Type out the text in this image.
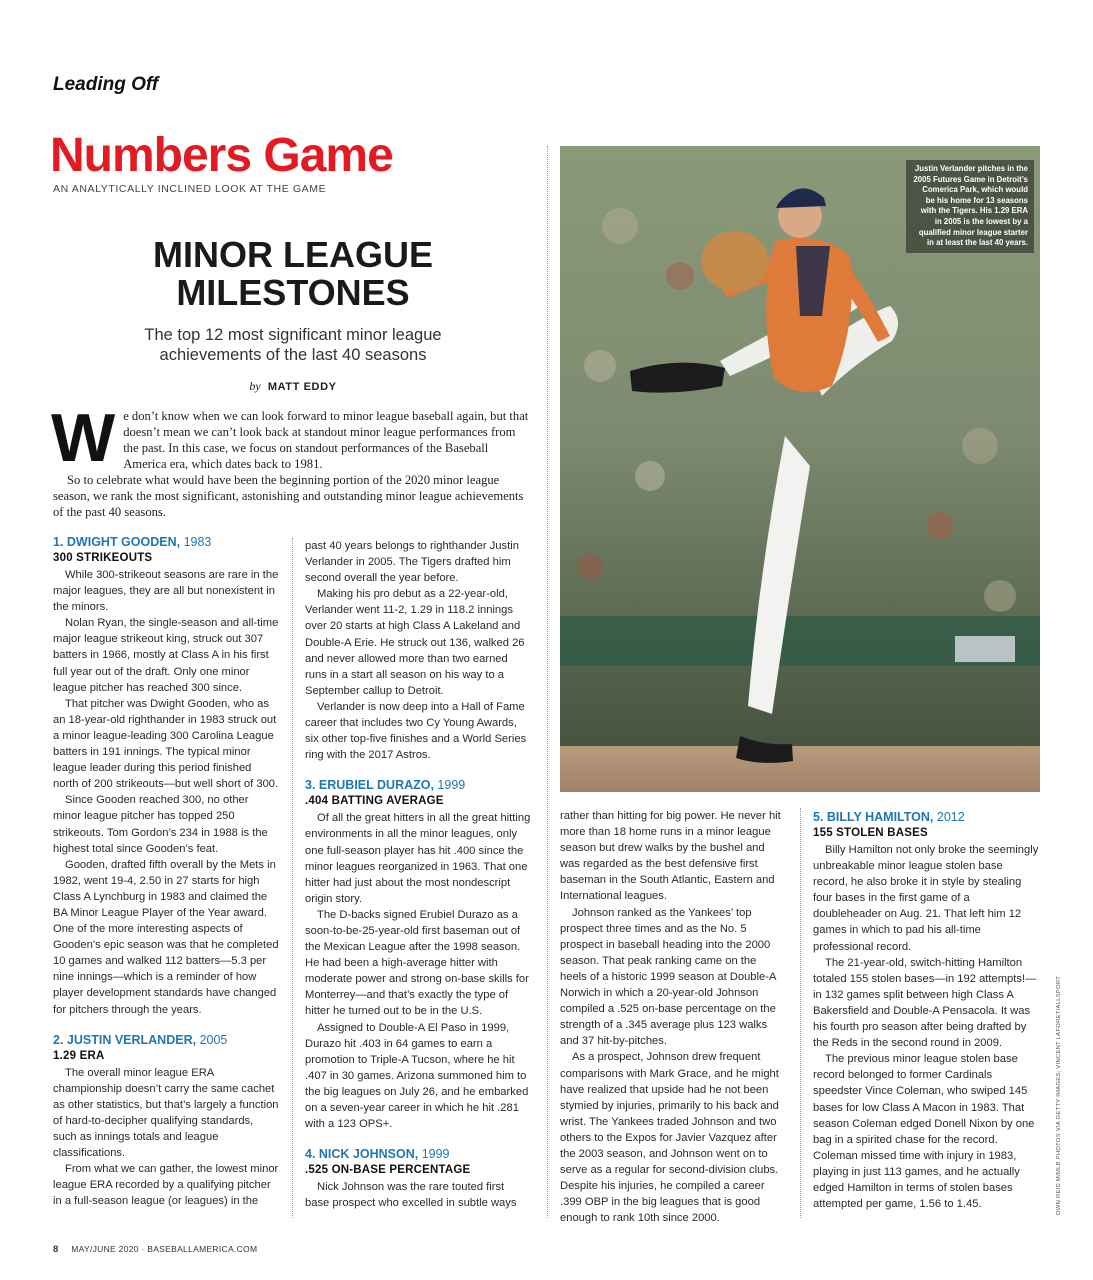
Leading Off
Numbers Game
AN ANALYTICALLY INCLINED LOOK AT THE GAME
MINOR LEAGUE
MILESTONES
The top 12 most significant minor league
achievements of the last 40 seasons
by MATT EDDY

W e don’t know when we can look forward to minor league baseball again, but that doesn’t mean we can’t look back at standout minor league performances from the past. In this case, we focus on standout performances of the Baseball America era, which dates back to 1981.

So to celebrate what would have been the beginning portion of the 2020 minor league season, we rank the most significant, astonishing and outstanding minor league achievements of the past 40 seasons.

1. DWIGHT GOODEN, 1983
300 STRIKEOUTS

While 300-strikeout seasons are rare in the major leagues, they are all but nonexistent in the minors.

Nolan Ryan, the single-season and all-time major league strikeout king, struck out 307 batters in 1966, mostly at Class A in his first full year out of the draft. Only one minor league pitcher has reached 300 since.

That pitcher was Dwight Gooden, who as an 18-year-old righthander in 1983 struck out a minor league-leading 300 Carolina League batters in 191 innings. The typical minor league leader during this period finished north of 200 strikeouts—but well short of 300.

Since Gooden reached 300, no other minor league pitcher has topped 250 strikeouts. Tom Gordon’s 234 in 1988 is the highest total since Gooden’s feat.

Gooden, drafted fifth overall by the Mets in 1982, went 19-4, 2.50 in 27 starts for high Class A Lynchburg in 1983 and claimed the BA Minor League Player of the Year award. One of the more interesting aspects of Gooden’s epic season was that he completed 10 games and walked 112 batters—5.3 per nine innings—which is a reminder of how player development standards have changed for pitchers through the years.

2. JUSTIN VERLANDER, 2005
1.29 ERA

The overall minor league ERA championship doesn’t carry the same cachet as other statistics, but that’s largely a function of hard-to-decipher qualifying standards, such as innings totals and league classifications.

From what we can gather, the lowest minor league ERA recorded by a qualifying pitcher in a full-season league (or leagues) in the

past 40 years belongs to righthander Justin Verlander in 2005. The Tigers drafted him second overall the year before.

Making his pro debut as a 22-year-old, Verlander went 11-2, 1.29 in 118.2 innings over 20 starts at high Class A Lakeland and Double-A Erie. He struck out 136, walked 26 and never allowed more than two earned runs in a start all season on his way to a September callup to Detroit.

Verlander is now deep into a Hall of Fame career that includes two Cy Young Awards, six other top-five finishes and a World Series ring with the 2017 Astros.

3. ERUBIEL DURAZO, 1999
.404 BATTING AVERAGE

Of all the great hitters in all the great hitting environments in all the minor leagues, only one full-season player has hit .400 since the minor leagues reorganized in 1963. That one hitter had just about the most nondescript origin story.

The D-backs signed Erubiel Durazo as a soon-to-be-25-year-old first baseman out of the Mexican League after the 1998 season. He had been a high-average hitter with moderate power and strong on-base skills for Monterrey—and that’s exactly the type of hitter he turned out to be in the U.S.

Assigned to Double-A El Paso in 1999, Durazo hit .403 in 64 games to earn a promotion to Triple-A Tucson, where he hit .407 in 30 games. Arizona summoned him to the big leagues on July 26, and he embarked on a seven-year career in which he hit .281 with a 123 OPS+.

4. NICK JOHNSON, 1999
.525 ON-BASE PERCENTAGE

Nick Johnson was the rare touted first base prospect who excelled in subtle ways

Justin Verlander pitches in the 2005 Futures Game in Detroit’s Comerica Park, which would be his home for 13 seasons with the Tigers. His 1.29 ERA in 2005 is the lowest by a qualified minor league starter in at least the last 40 years.

rather than hitting for big power. He never hit more than 18 home runs in a minor league season but drew walks by the bushel and was regarded as the best defensive first baseman in the South Atlantic, Eastern and International leagues.

Johnson ranked as the Yankees’ top prospect three times and as the No. 5 prospect in baseball heading into the 2000 season. That peak ranking came on the heels of a historic 1999 season at Double-A Norwich in which a 20-year-old Johnson compiled a .525 on-base percentage on the strength of a .345 average plus 123 walks and 37 hit-by-pitches.

As a prospect, Johnson drew frequent comparisons with Mark Grace, and he might have realized that upside had he not been stymied by injuries, primarily to his back and wrist. The Yankees traded Johnson and two others to the Expos for Javier Vazquez after the 2003 season, and Johnson went on to serve as a regular for second-division clubs. Despite his injuries, he compiled a career .399 OBP in the big leagues that is good enough to rank 10th since 2000.

5. BILLY HAMILTON, 2012
155 STOLEN BASES

Billy Hamilton not only broke the seemingly unbreakable minor league stolen base record, he also broke it in style by stealing four bases in the first game of a doubleheader on Aug. 21. That left him 12 games in which to pad his all-time professional record.

The 21-year-old, switch-hitting Hamilton totaled 155 stolen bases—in 192 attempts!—in 132 games split between high Class A Bakersfield and Double-A Pensacola. It was his fourth pro season after being drafted by the Reds in the second round in 2009.

The previous minor league stolen base record belonged to former Cardinals speedster Vince Coleman, who swiped 145 bases for low Class A Macon in 1983. That season Coleman edged Donell Nixon by one bag in a spirited chase for the record. Coleman missed time with injury in 1983, playing in just 113 games, and he actually edged Hamilton in terms of stolen bases attempted per game, 1.56 to 1.45.	OWN REID M/MLB PHOTOS VIA GETTY IMAGES; VINCENT LAFORET/ALLSPORT
8 MAY/JUNE 2020 · BASEBALLAMERICA.COM
